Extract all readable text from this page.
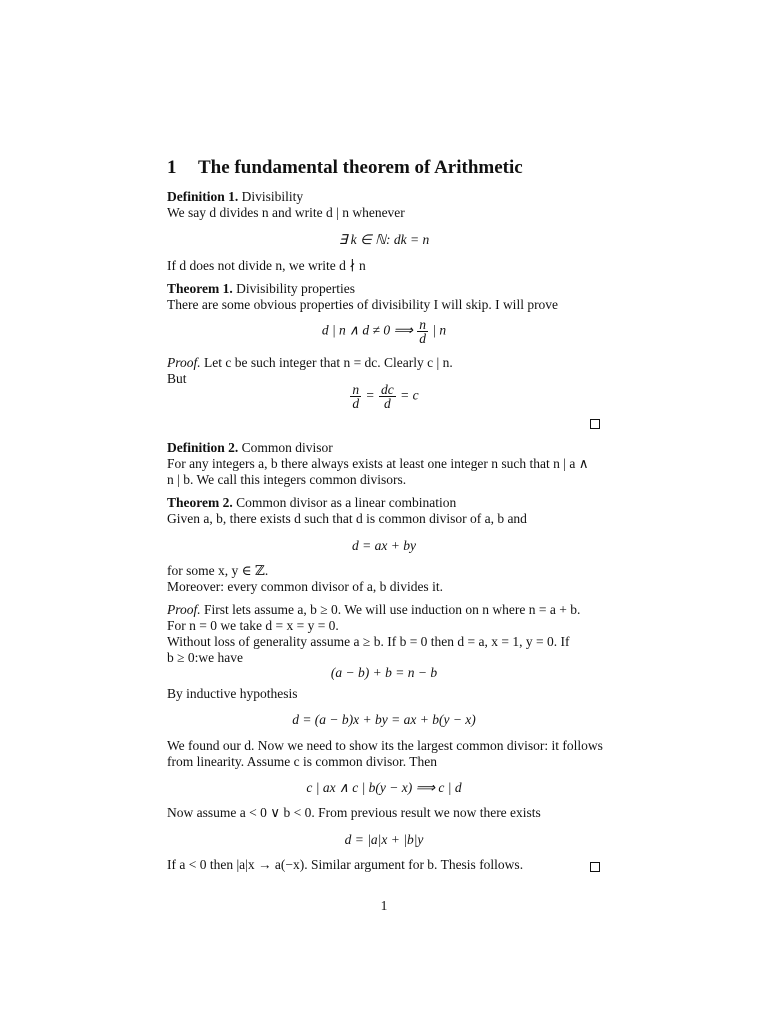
1 The fundamental theorem of Arithmetic
Definition 1. Divisibility
We say d divides n and write d | n whenever
∃ k ∈ ℕ: dk = n
If d does not divide n, we write d ∤ n
Theorem 1. Divisibility properties
There are some obvious properties of divisibility I will skip. I will prove
d | n ∧ d ≠ 0 ⟹ $\frac{n}{d}$ | n
Proof. Let c be such integer that n = dc. Clearly c | n.
But
$\frac{n}{d} = \frac{dc}{d} = c$
Definition 2. Common divisor
For any integers a, b there always exists at least one integer n such that n | a ∧
n | b. We call this integers common divisors.
Theorem 2. Common divisor as a linear combination
Given a, b, there exists d such that d is common divisor of a, b and
d = ax + by
for some x, y ∈ ℤ.
Moreover: every common divisor of a, b divides it.
Proof. First lets assume a, b ≥ 0. We will use induction on n where n = a + b.
For n = 0 we take d = x = y = 0.
Without loss of generality assume a ≥ b. If b = 0 then d = a, x = 1, y = 0. If
b ≥ 0:we have
(a − b) + b = n − b
By inductive hypothesis
d = (a − b)x + by = ax + b(y − x)
We found our d. Now we need to show its the largest common divisor: it follows
from linearity. Assume c is common divisor. Then
c | ax ∧ c | b(y − x) ⟹ c | d
Now assume a < 0 ∨ b < 0. From previous result we now there exists
d = |a|x + |b|y
If a < 0 then |a|x → a(−x). Similar argument for b. Thesis follows.
1
